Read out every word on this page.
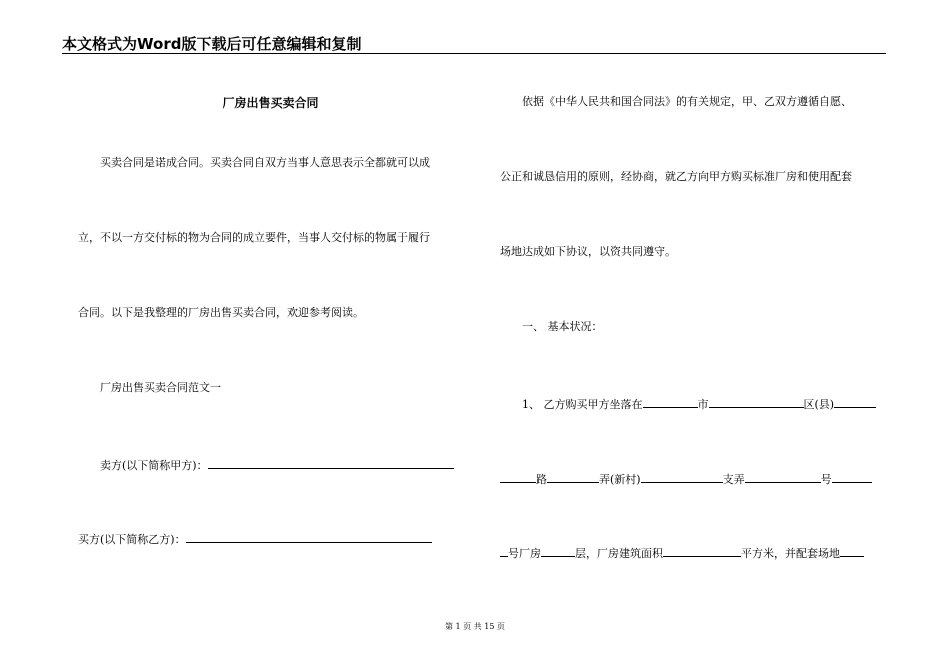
本文格式为Word版下载后可任意编辑和复制
厂房出售买卖合同
买卖合同是诺成合同。买卖合同自双方当事人意思表示全都就可以成
立，不以一方交付标的物为合同的成立要件，当事人交付标的物属于履行
合同。以下是我整理的厂房出售买卖合同，欢迎参考阅读。
厂房出售买卖合同范文一
卖方(以下简称甲方)：
买方(以下简称乙方)：
依据《中华人民共和国合同法》的有关规定，甲、乙双方遵循自愿、
公正和诚恳信用的原则，经协商，就乙方向甲方购买标准厂房和使用配套
场地达成如下协议，以资共同遵守。
一、 基本状况：
1、 乙方购买甲方坐落在	市	区(县)
路	弄(新村)	支弄	号
号厂房	层，厂房建筑面积	平方米，并配套场地
第 1 页 共 15 页
